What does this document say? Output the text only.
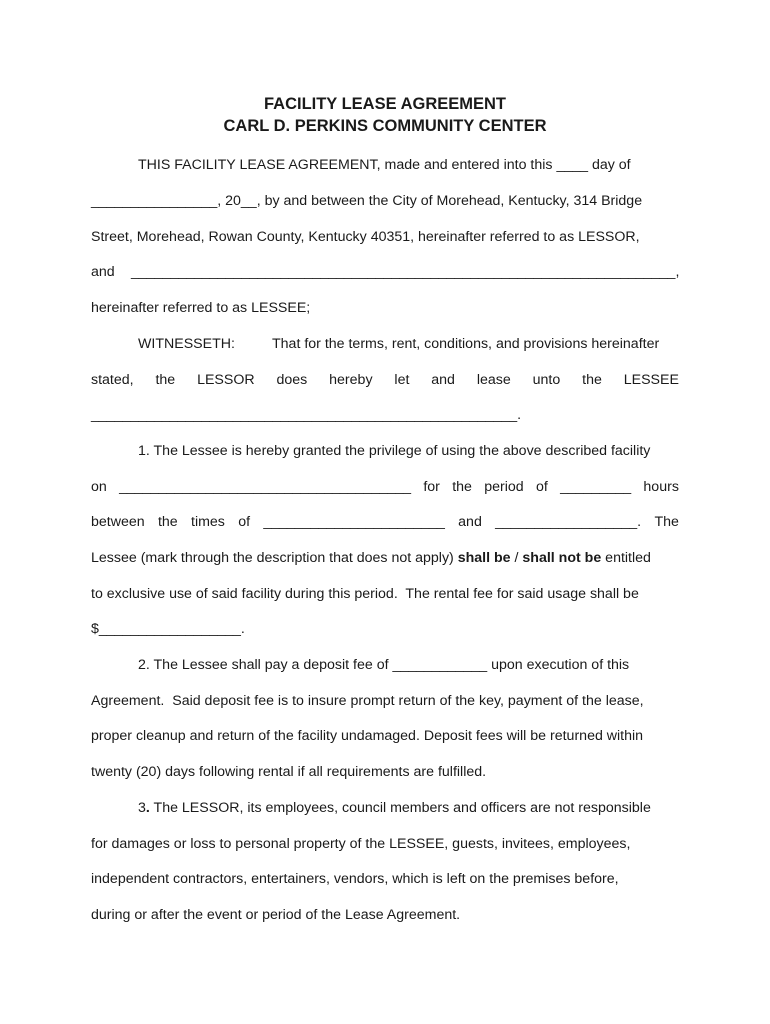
FACILITY LEASE AGREEMENT
CARL D. PERKINS COMMUNITY CENTER
THIS FACILITY LEASE AGREEMENT, made and entered into this ____ day of
________________, 20__, by and between the City of Morehead, Kentucky, 314 Bridge
Street, Morehead, Rowan County, Kentucky 40351, hereinafter referred to as LESSOR,
and _____________________________________________________________________,
hereinafter referred to as LESSEE;
WITNESSETH:	That for the terms, rent, conditions, and provisions hereinafter
stated, the LESSOR does hereby let and lease unto the LESSEE
______________________________________________________.
1. The Lessee is hereby granted the privilege of using the above described facility
on _____________________________________ for the period of _________ hours
between the times of _______________________ and __________________. The
Lessee (mark through the description that does not apply) shall be / shall not be entitled
to exclusive use of said facility during this period.  The rental fee for said usage shall be
$__________________.
2. The Lessee shall pay a deposit fee of ____________ upon execution of this
Agreement.  Said deposit fee is to insure prompt return of the key, payment of the lease,
proper cleanup and return of the facility undamaged. Deposit fees will be returned within
twenty (20) days following rental if all requirements are fulfilled.
3. The LESSOR, its employees, council members and officers are not responsible
for damages or loss to personal property of the LESSEE, guests, invitees, employees,
independent contractors, entertainers, vendors, which is left on the premises before,
during or after the event or period of the Lease Agreement.
